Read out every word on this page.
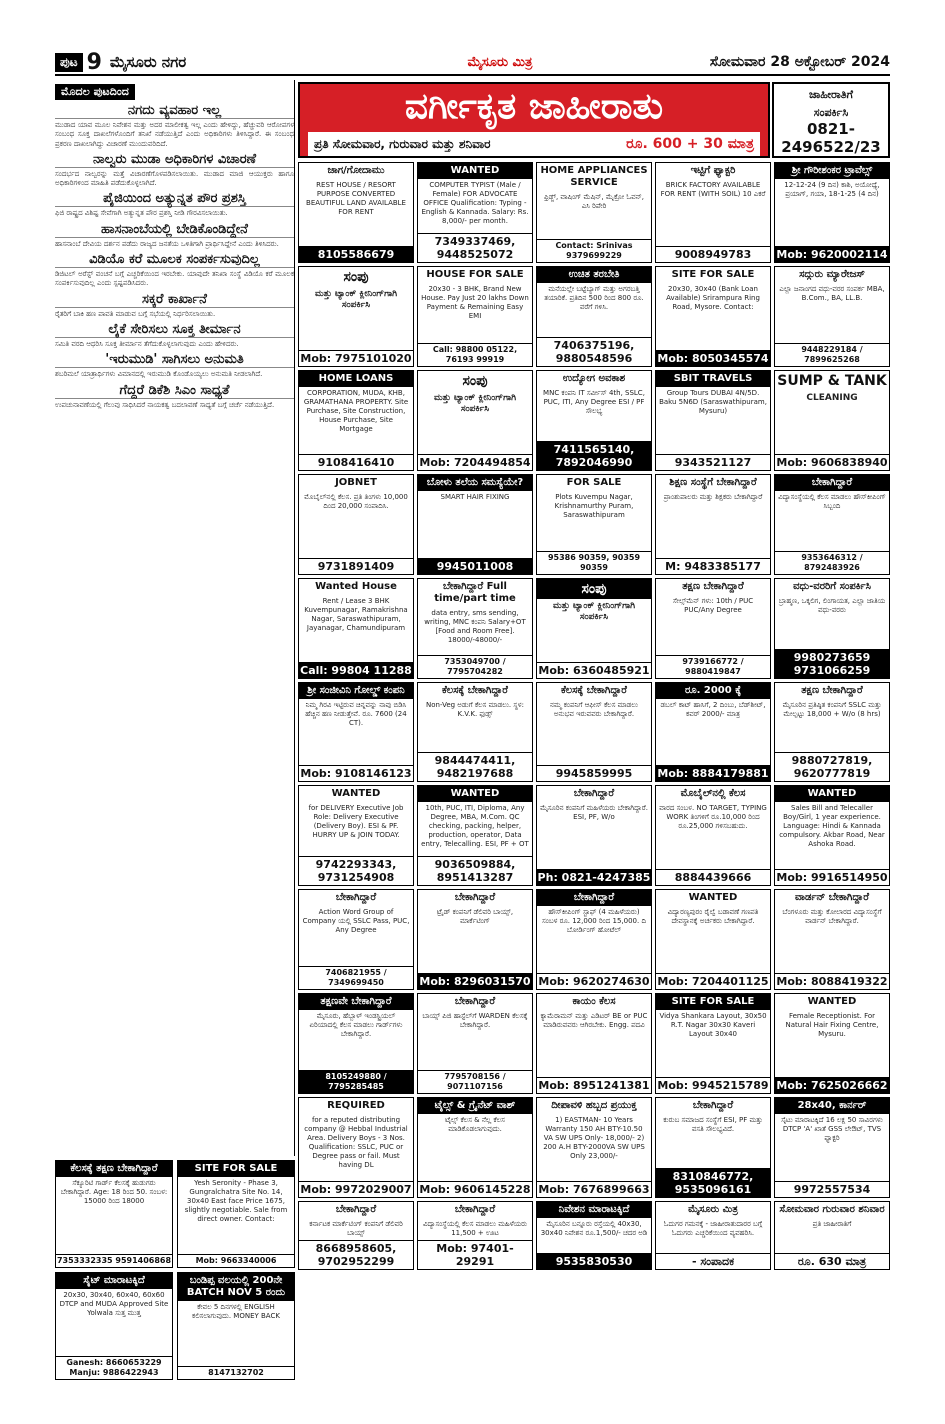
ಪುಟ 9 ಮೈಸೂರು ನಗರ	ಮೈಸೂರು ಮಿತ್ರ	ಸೋಮವಾರ 28 ಅಕ್ಟೋಬರ್ 2024
ಮೊದಲ ಪುಟದಿಂದ
ನಗದು ವ್ಯವಹಾರ ಇಲ್ಲ
ಮುಡಾದ ಯಾವ ಮೂಲ ನಿವೇಶನ ಮತ್ತು ಅದರ ಮಾಲೀಕತ್ವ ಇಲ್ಲ ಎಂದು ಹೇಳಿದ್ದು, ಹೆಚ್ಚುವರಿ ಆರೋಪಗಳ ಸಂಬಂಧ ಸೂಕ್ತ ದಾಖಲೆಗಳೊಂದಿಗೆ ತನಿಖೆ ನಡೆಯುತ್ತಿದೆ ಎಂದು ಅಧಿಕಾರಿಗಳು ತಿಳಿಸಿದ್ದಾರೆ. ಈ ಸಂಬಂಧ ಪ್ರಕರಣ ದಾಖಲಾಗಿದ್ದು ವಿಚಾರಣೆ ಮುಂದುವರಿದಿದೆ.
ನಾಲ್ವರು ಮುಡಾ ಅಧಿಕಾರಿಗಳ ವಿಚಾರಣೆ
ಸಂದರ್ಭದ ನಾಲ್ವರನ್ನು ಮತ್ತೆ ವಿಚಾರಣೆಗೊಳಪಡಿಸಲಾಯಿತು. ಮುಡಾದ ಮಾಜಿ ಆಯುಕ್ತರು ಹಾಗೂ ಅಧಿಕಾರಿಗಳಿಂದ ಮಾಹಿತಿ ಪಡೆದುಕೊಳ್ಳಲಾಗಿದೆ.
ಪೈಜಿಯಿಂದ ಅತ್ಯುನ್ನತ ಪೌರ ಪ್ರಶಸ್ತಿ
ಫಿಜಿ ರಾಷ್ಟ್ರದ ವಿಶಿಷ್ಟ ಸೇವೆಗಾಗಿ ಅತ್ಯುನ್ನತ ಪೌರ ಪ್ರಶಸ್ತಿ ನೀಡಿ ಗೌರವಿಸಲಾಯಿತು.
ಹಾಸನಾಂಬೆಯಲ್ಲಿ ಬೇಡಿಕೊಂಡಿದ್ದೇನೆ
ಹಾಸನಾಂಬೆ ದೇವಿಯ ದರ್ಶನ ಪಡೆದು ರಾಜ್ಯದ ಜನತೆಯ ಒಳಿತಿಗಾಗಿ ಪ್ರಾರ್ಥಿಸಿದ್ದೇನೆ ಎಂದು ತಿಳಿಸಿದರು.
ವಿಡಿಯೊ ಕರೆ ಮೂಲಕ ಸಂಪರ್ಕಸುವುದಿಲ್ಲ
ಡಿಜಿಟಲ್ ಅರೆಸ್ಟ್ ವಂಚನೆ ಬಗ್ಗೆ ಎಚ್ಚರಿಕೆಯಿಂದ ಇರಬೇಕು. ಯಾವುದೇ ತನಿಖಾ ಸಂಸ್ಥೆ ವಿಡಿಯೊ ಕರೆ ಮೂಲಕ ಸಂಪರ್ಕಿಸುವುದಿಲ್ಲ ಎಂದು ಸ್ಪಷ್ಟಪಡಿಸಿದರು.
ಸಕ್ಕರೆ ಕಾರ್ಖಾನೆ
ರೈತರಿಗೆ ಬಾಕಿ ಹಣ ಪಾವತಿ ಮಾಡುವ ಬಗ್ಗೆ ಸಭೆಯಲ್ಲಿ ನಿರ್ಧರಿಸಲಾಯಿತು.
ಲೈಕೆ ಸೇರಿಸಲು ಸೂಕ್ತ ತೀರ್ಮಾನ
ಸಮಿತಿ ವರದಿ ಆಧರಿಸಿ ಸೂಕ್ತ ತೀರ್ಮಾನ ತೆಗೆದುಕೊಳ್ಳಲಾಗುವುದು ಎಂದು ಹೇಳಿದರು.
'ಇರುಮುಡಿ' ಸಾಗಿಸಲು ಅನುಮತಿ
ಶಬರಿಮಲೆ ಯಾತ್ರಾರ್ಥಿಗಳು ವಿಮಾನದಲ್ಲಿ ಇರುಮುಡಿ ಕೊಂಡೊಯ್ಯಲು ಅನುಮತಿ ನೀಡಲಾಗಿದೆ.
ಗೆದ್ದರೆ ಡಿಕೆಶಿ ಸಿಎಂ ಸಾಧ್ಯತೆ
ಉಪಚುನಾವಣೆಯಲ್ಲಿ ಗೆಲುವು ಸಾಧಿಸಿದರೆ ನಾಯಕತ್ವ ಬದಲಾವಣೆ ಸಾಧ್ಯತೆ ಬಗ್ಗೆ ಚರ್ಚೆ ನಡೆಯುತ್ತಿದೆ.
ವರ್ಗೀಕೃತ ಜಾಹೀರಾತು
ಪ್ರತಿ ಸೋಮವಾರ, ಗುರುವಾರ ಮತ್ತು ಶನಿವಾರ	ರೂ. 600 + 30 ಮಾತ್ರ
ಜಾಹೀರಾತಿಗೆ
ಸಂಪರ್ಕಿಸಿ
0821-
2496522/23
ಜಾಗ/ಗೋದಾಮು
REST HOUSE / RESORT PURPOSE CONVERTED BEAUTIFUL LAND AVAILABLE FOR RENT
8105586679
WANTED
COMPUTER TYPIST (Male / Female) FOR ADVOCATE OFFICE Qualification: Typing - English & Kannada. Salary: Rs. 8,000/- per month.
7349337469, 9448525072
HOME APPLIANCES SERVICE
ಫ್ರಿಡ್ಜ್, ವಾಷಿಂಗ್ ಮೆಷಿನ್, ಮೈಕ್ರೋ ಓವನ್, ಎಸಿ ರಿಪೇರಿ
Contact: Srinivas 9379699229
ಇಟ್ಟಿಗೆ ಫ್ಯಾಕ್ಟರಿ
BRICK FACTORY AVAILABLE FOR RENT (WITH SOIL) 10 ಎಕರೆ
9008949783
ಶ್ರೀ ಗೌರೀಶಂಕರ ಟ್ರಾವೆಲ್ಸ್
12-12-24 (9 ದಿನ) ಕಾಶಿ, ಅಯೋಧ್ಯೆ, ಪ್ರಯಾಗ್, ಗಯಾ, 18-1-25 (4 ದಿನ)
Mob: 9620002114
ಸಂಪು
ಮತ್ತು ಟ್ಯಾಂಕ್ ಕ್ಲೀನಿಂಗ್‌ಗಾಗಿ ಸಂಪರ್ಕಿಸಿ
Mob: 7975101020
HOUSE FOR SALE
20x30 - 3 BHK, Brand New House. Pay Just 20 lakhs Down Payment & Remaining Easy EMI
Call: 98800 05122, 76193 99919
ಉಚಿತ ತರಬೇತಿ
ಮನೆಯಲ್ಲೇ ಬಟ್ಟೆಬ್ಯಾಗ್ ಮತ್ತು ಅಗರಬತ್ತಿ ತಯಾರಿಕೆ. ಪ್ರತಿದಿನ 500 ರಿಂದ 800 ರೂ. ವರೆಗೆ ಗಳಿಸಿ.
7406375196, 9880548596
SITE FOR SALE
20x30, 30x40 (Bank Loan Available) Srirampura Ring Road, Mysore. Contact:
Mob: 8050345574
ಸದ್ಗುರು ಮ್ಯಾರೇಜಸ್
ಎಲ್ಲಾ ಜನಾಂಗದ ವಧು-ವರರ ಸಂಪರ್ಕ MBA, B.Com., BA, LL.B.
9448229184 / 7899625268
HOME LOANS
CORPORATION, MUDA, KHB, GRAMATHANA PROPERTY. Site Purchase, Site Construction, House Purchase, Site Mortgage
9108416410
ಸಂಪು
ಮತ್ತು ಟ್ಯಾಂಕ್ ಕ್ಲೀನಿಂಗ್‌ಗಾಗಿ ಸಂಪರ್ಕಿಸಿ
Mob: 7204494854
ಉದ್ಯೋಗ ಅವಕಾಶ
MNC ಕಂಪನಿ IT ಸರ್ವೀಸ್ 4th, SSLC, PUC, ITI, Any Degree ESI / PF ಸೌಲಭ್ಯ
7411565140, 7892046990
SBIT TRAVELS
Group Tours DUBAI 4N/5D. Baku 5N6D (Saraswathipuram, Mysuru)
9343521127
SUMP & TANK
CLEANING
Mob: 9606838940
JOBNET
ಮೊಬೈಲ್‌ನಲ್ಲಿ ಕೆಲಸ. ಪ್ರತಿ ತಿಂಗಳು 10,000 ದಿಂದ 20,000 ಸಂಪಾದಿಸಿ.
9731891409
ಬೋಳು ತಲೆಯ ಸಮಸ್ಯೆಯೇ?
SMART HAIR FIXING
9945011008
FOR SALE
Plots Kuvempu Nagar, Krishnamurthy Puram, Saraswathipuram
95386 90359, 90359 90359
ಶಿಕ್ಷಣ ಸಂಸ್ಥೆಗೆ ಬೇಕಾಗಿದ್ದಾರೆ
ಪ್ರಾಂಶುಪಾಲರು ಮತ್ತು ಶಿಕ್ಷಕರು ಬೇಕಾಗಿದ್ದಾರೆ
M: 9483385177
ಬೇಕಾಗಿದ್ದಾರೆ
ವಿದ್ಯಾಸಂಸ್ಥೆಯಲ್ಲಿ ಕೆಲಸ ಮಾಡಲು ಹೌಸ್‌ಕೀಪಿಂಗ್ ಸಿಬ್ಬಂದಿ
9353646312 / 8792483926
Wanted House
Rent / Lease 3 BHK Kuvempunagar, Ramakrishna Nagar, Saraswathipuram, Jayanagar, Chamundipuram
Call: 99804 11288
ಬೇಕಾಗಿದ್ದಾರೆ Full time/part time
data entry, sms sending, writing, MNC ಕಂಪನಿ Salary+OT [Food and Room Free]. 18000/-48000/-
7353049700 / 7795704282
ಸಂಪು
ಮತ್ತು ಟ್ಯಾಂಕ್ ಕ್ಲೀನಿಂಗ್‌ಗಾಗಿ ಸಂಪರ್ಕಿಸಿ
Mob: 6360485921
ತಕ್ಷಣ ಬೇಕಾಗಿದ್ದಾರೆ
ಸೇಲ್ಸ್‌ಮೆನ್ ಗಳು: 10th / PUC PUC/Any Degree
9739166772 / 9880419847
ವಧು-ವರರಿಗೆ ಸಂಪರ್ಕಿಸಿ
ಬ್ರಾಹ್ಮಣ, ಒಕ್ಕಲಿಗ, ಲಿಂಗಾಯತ, ಎಲ್ಲಾ ಜಾತಿಯ ವಧು-ವರರು
9980273659 9731066259
ಶ್ರೀ ಸಂಜೀವಿನಿ ಗೋಲ್ಡ್ ಕಂಪನಿ
ನಿಮ್ಮ ಗಿರವಿ ಇಟ್ಟಿರುವ ಚಿನ್ನವನ್ನು ನಾವು ಬಿಡಿಸಿ ಹೆಚ್ಚಿನ ಹಣ ನೀಡುತ್ತೇವೆ. ರೂ. 7600 (24 CT).
Mob: 9108146123
ಕೆಲಸಕ್ಕೆ ಬೇಕಾಗಿದ್ದಾರೆ
Non-Veg ಅಡುಗೆ ಕೆಲಸ ಮಾಡಲು. ಸ್ಥಳ: K.V.K. ಫುಡ್ಸ್
9844474411, 9482197688
ಕೆಲಸಕ್ಕೆ ಬೇಕಾಗಿದ್ದಾರೆ
ನಮ್ಮ ಕಂಪನಿಗೆ ಆಫೀಸ್ ಕೆಲಸ ಮಾಡಲು ಅನುಭವ ಇರುವವರು ಬೇಕಾಗಿದ್ದಾರೆ.
9945859995
ರೂ. 2000 ಕ್ಕೆ
ಡಬಲ್ ಕಾಟ್ ಹಾಸಿಗೆ, 2 ದಿಂಬು, ಬೆಡ್‌ಶೀಟ್, ಕವರ್ 2000/- ಮಾತ್ರ
Mob: 8884179881
ತಕ್ಷಣ ಬೇಕಾಗಿದ್ದಾರೆ
ಮೈಸೂರಿನ ಪ್ರತಿಷ್ಠಿತ ಕಂಪನಿಗೆ SSLC ಮತ್ತು ಮೇಲ್ಪಟ್ಟು 18,000 + W/o (8 hrs)
9880727819, 9620777819
WANTED
for DELIVERY Executive Job Role: Delivery Executive (Delivery Boy). ESI & PF. HURRY UP & JOIN TODAY.
9742293343, 9731254908
WANTED
10th, PUC, ITI, Diploma, Any Degree, MBA, M.Com. QC checking, packing, helper, production, operator, Data entry, Telecalling. ESI, PF + OT
9036509884, 8951413287
ಬೇಕಾಗಿದ್ದಾರೆ
ಮೈಸೂರಿನ ಕಂಪನಿಗೆ ಮಹಿಳೆಯರು ಬೇಕಾಗಿದ್ದಾರೆ. ESI, PF, W/o
Ph: 0821-4247385
ಮೊಬೈಲ್‌ನಲ್ಲಿ ಕೆಲಸ
ವಾರದ ಸಂಬಳ. NO TARGET, TYPING WORK ತಿಂಗಳಿಗೆ ರೂ.10,000 ರಿಂದ ರೂ.25,000 ಗಳಿಸಬಹುದು.
8884439666
WANTED
Sales Bill and Telecaller Boy/Girl, 1 year experience. Language: Hindi & Kannada compulsory. Akbar Road, Near Ashoka Road.
Mob: 9916514950
ಬೇಕಾಗಿದ್ದಾರೆ
Action Word Group of Company ಯಲ್ಲಿ SSLC Pass, PUC, Any Degree
7406821955 / 7349699450
ಬೇಕಾಗಿದ್ದಾರೆ
ಟ್ರೈಡ್ ಕಂಪನಿಗೆ ಡೆಲಿವರಿ ಬಾಯ್ಸ್, ಮಾರ್ಕೆಟಿಂಗ್
Mob: 8296031570
ಬೇಕಾಗಿದ್ದಾರೆ
ಹೌಸ್‌ಕೀಪಿಂಗ್ ಸ್ಟಾಫ್ (4 ಮಹಿಳೆಯರು) ಸಂಬಳ ರೂ. 12,000 ರಿಂದ 15,000. ದಿ ಬೋರ್ಡಿಂಗ್ ಹೋಟೆಲ್
Mob: 9620274630
WANTED
ವಿದ್ಯಾರಣ್ಯಪುರಂ ರೈಲ್ವೆ ಬಡಾವಣೆ ಗಣಪತಿ ದೇವಸ್ಥಾನಕ್ಕೆ ಅರ್ಚಕರು ಬೇಕಾಗಿದ್ದಾರೆ.
Mob: 7204401125
ವಾರ್ಡನ್ ಬೇಕಾಗಿದ್ದಾರೆ
ಬೆಂಗಳೂರು ಮತ್ತು ಕೋಲಾರದ ವಿದ್ಯಾಸಂಸ್ಥೆಗೆ ವಾರ್ಡನ್ ಬೇಕಾಗಿದ್ದಾರೆ.
Mob: 8088419322
ತಕ್ಷಣವೇ ಬೇಕಾಗಿದ್ದಾರೆ
ಮೈಸೂರು, ಹೆಬ್ಬಾಳ್ ಇಂಡಸ್ಟ್ರಿಯಲ್ ಏರಿಯಾದಲ್ಲಿ ಕೆಲಸ ಮಾಡಲು ಗಾರ್ಡ್‌ಗಳು ಬೇಕಾಗಿದ್ದಾರೆ.
8105249880 / 7795285485
ಬೇಕಾಗಿದ್ದಾರೆ
ಬಾಯ್ಸ್ ಪಿಜಿ ಹಾಸ್ಟೆಲ್‌ಗೆ WARDEN ಕೆಲಸಕ್ಕೆ ಬೇಕಾಗಿದ್ದಾರೆ.
7795708156 / 9071107156
ಕಾಯಂ ಕೆಲಸ
ಕ್ಯಾಮೆರಾಮನ್ ಮತ್ತು ಎಡಿಟರ್ BE or PUC ಮಾಡಿರುವವರು ಆಗಿರಬೇಕು. Engg. ಪದವಿ
Mob: 8951241381
SITE FOR SALE
Vidya Shankara Layout, 30x50 R.T. Nagar 30x30 Kaveri Layout 30x40
Mob: 9945215789
WANTED
Female Receptionist. For Natural Hair Fixing Centre, Mysuru.
Mob: 7625026662
REQUIRED
for a reputed distributing company @ Hebbal Industrial Area. Delivery Boys - 3 Nos. Qualification: SSLC, PUC or Degree pass or fail. Must having DL
Mob: 9972029007
ಟೈಲ್ಸ್ & ಗ್ರೈನೆಟ್ ವಾಶ್
ಟೈಲ್ಸ್ ಕೆಲಸ & ನೆಲ್ಲ ಕೆಲಸ ಮಾಡಿಕೊಡಲಾಗುವುದು.
Mob: 9606145228
ದೀಪಾವಳಿ ಹಬ್ಬದ ಪ್ರಯುಕ್ತ
1) EASTMAN- 10 Years Warranty 150 AH BTY-10.50 VA SW UPS Only- 18,000/- 2) 200 A.H BTY-2000VA SW UPS Only 23,000/-
Mob: 7676899663
ಬೇಕಾಗಿದ್ದಾರೆ
ಕುರುಬ ಸಮಾಜದ ಸಂಸ್ಥೆಗೆ ESI, PF ಮತ್ತು ವಸತಿ ಸೌಲಭ್ಯವಿದೆ.
8310846772, 9535096161
28x40, ಕಾರ್ನರ್
ಸೈಟು ಮಾರಾಟಕ್ಕಿದೆ 16 ಲಕ್ಷ 50 ಸಾವಿರಗಳು DTCP 'A' ಖಾತೆ GSS ಲೇಔಟ್, TVS ಫ್ಯಾಕ್ಟರಿ
9972557534
ಬೇಕಾಗಿದ್ದಾರೆ
ಕರ್ನಾಟಕ ಮಾರ್ಕೆಟಿಂಗ್ ಕಂಪನಿಗೆ ಡೆಲಿವರಿ ಬಾಯ್ಸ್
8668958605, 9702952299
ಬೇಕಾಗಿದ್ದಾರೆ
ವಿದ್ಯಾಸಂಸ್ಥೆಯಲ್ಲಿ ಕೆಲಸ ಮಾಡಲು ಮಹಿಳೆಯರು 11,500 + ಊಟ
Mob: 97401-29291
ನಿವೇಶನ ಮಾರಾಟಕ್ಕಿದೆ
ಮೈಸೂರಿನ ಬನ್ನೂರು ರಸ್ತೆಯಲ್ಲಿ 40x30, 30x40 ನಿವೇಶನ ರೂ.1,500/- ಚದರ ಅಡಿ
9535830530
ಮೈಸೂರು ಮಿತ್ರ
ಓದುಗರ ಗಮನಕ್ಕೆ - ಜಾಹೀರಾತುದಾರರ ಬಗ್ಗೆ ಓದುಗರು ಎಚ್ಚರಿಕೆಯಿಂದ ವ್ಯವಹರಿಸಿ.
- ಸಂಪಾದಕ
ಸೋಮವಾರ ಗುರುವಾರ ಶನಿವಾರ
ಪ್ರತಿ ಜಾಹೀರಾತಿಗೆ
ರೂ. 630 ಮಾತ್ರ
ಕೆಲಸಕ್ಕೆ ತಕ್ಷಣ ಬೇಕಾಗಿದ್ದಾರೆ
ಸೆಕ್ಯೂರಿಟಿ ಗಾರ್ಡ್ ಕೆಲಸಕ್ಕೆ ಹುಡುಗರು ಬೇಕಾಗಿದ್ದಾರೆ. Age: 18 ರಿಂದ 50. ಸಂಬಳ: 15000 ರಿಂದ 18000
7353332335 9591406868
SITE FOR SALE
Yesh Seronity - Phase 3, Gungralchatra Site No. 14, 30x40 East face Price 1675, slightly negotiable. Sale from direct owner. Contact:
Mob: 9663340006
ಸೈಟ್ ಮಾರಾಟಕ್ಕಿದೆ
20x30, 30x40, 60x40, 60x60 DTCP and MUDA Approved Site Yolwala ಸುತ್ತ ಮುತ್ತ
Ganesh: 8660653229 Manju: 9886422943
ಬಂಡಿಪ್ಪ ವಲಯಲ್ಲಿ 200ನೇ BATCH NOV 5 ರಂದು
ಕೇವಲ 5 ದಿನಗಳಲ್ಲಿ ENGLISH ಕಲಿಸಲಾಗುವುದು. MONEY BACK
8147132702
